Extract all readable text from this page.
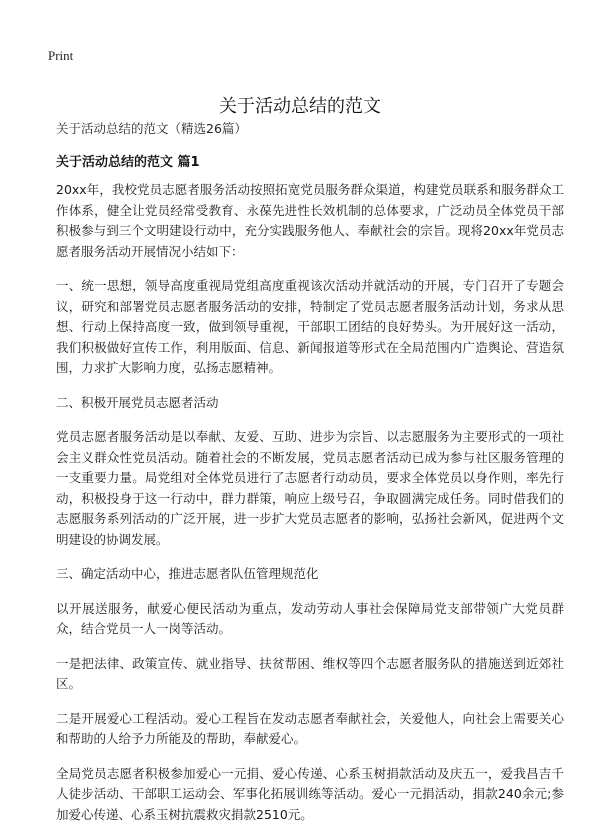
Print
关于活动总结的范文
关于活动总结的范文（精选26篇）
关于活动总结的范文 篇1

20xx年，我校党员志愿者服务活动按照拓宽党员服务群众渠道，构建党员联系和服务群众工作体系，健全让党员经常受教育、永葆先进性长效机制的总体要求，广泛动员全体党员干部积极参与到三个文明建设行动中，充分实践服务他人、奉献社会的宗旨。现将20xx年党员志愿者服务活动开展情况小结如下：

一、统一思想，领导高度重视局党组高度重视该次活动并就活动的开展，专门召开了专题会议，研究和部署党员志愿者服务活动的安排，特制定了党员志愿者服务活动计划，务求从思想、行动上保持高度一致，做到领导重视，干部职工团结的良好势头。为开展好这一活动，我们积极做好宣传工作，利用版面、信息、新闻报道等形式在全局范围内广造舆论、营造氛围，力求扩大影响力度，弘扬志愿精神。

二、积极开展党员志愿者活动

党员志愿者服务活动是以奉献、友爱、互助、进步为宗旨、以志愿服务为主要形式的一项社会主义群众性党员活动。随着社会的不断发展，党员志愿者活动已成为参与社区服务管理的一支重要力量。局党组对全体党员进行了志愿者行动动员，要求全体党员以身作则，率先行动，积极投身于这一行动中，群力群策，响应上级号召，争取圆满完成任务。同时借我们的志愿服务系列活动的广泛开展，进一步扩大党员志愿者的影响，弘扬社会新风，促进两个文明建设的协调发展。

三、确定活动中心，推进志愿者队伍管理规范化

以开展送服务，献爱心便民活动为重点，发动劳动人事社会保障局党支部带领广大党员群众，结合党员一人一岗等活动。

一是把法律、政策宣传、就业指导、扶贫帮困、维权等四个志愿者服务队的措施送到近郊社区。

二是开展爱心工程活动。爱心工程旨在发动志愿者奉献社会，关爱他人，向社会上需要关心和帮助的人给予力所能及的帮助，奉献爱心。

全局党员志愿者积极参加爱心一元捐、爱心传递、心系玉树捐款活动及庆五一，爱我昌吉千人徒步活动、干部职工运动会、军事化拓展训练等活动。爱心一元捐活动，捐款240余元;参加爱心传递、心系玉树抗震救灾捐款2510元。
